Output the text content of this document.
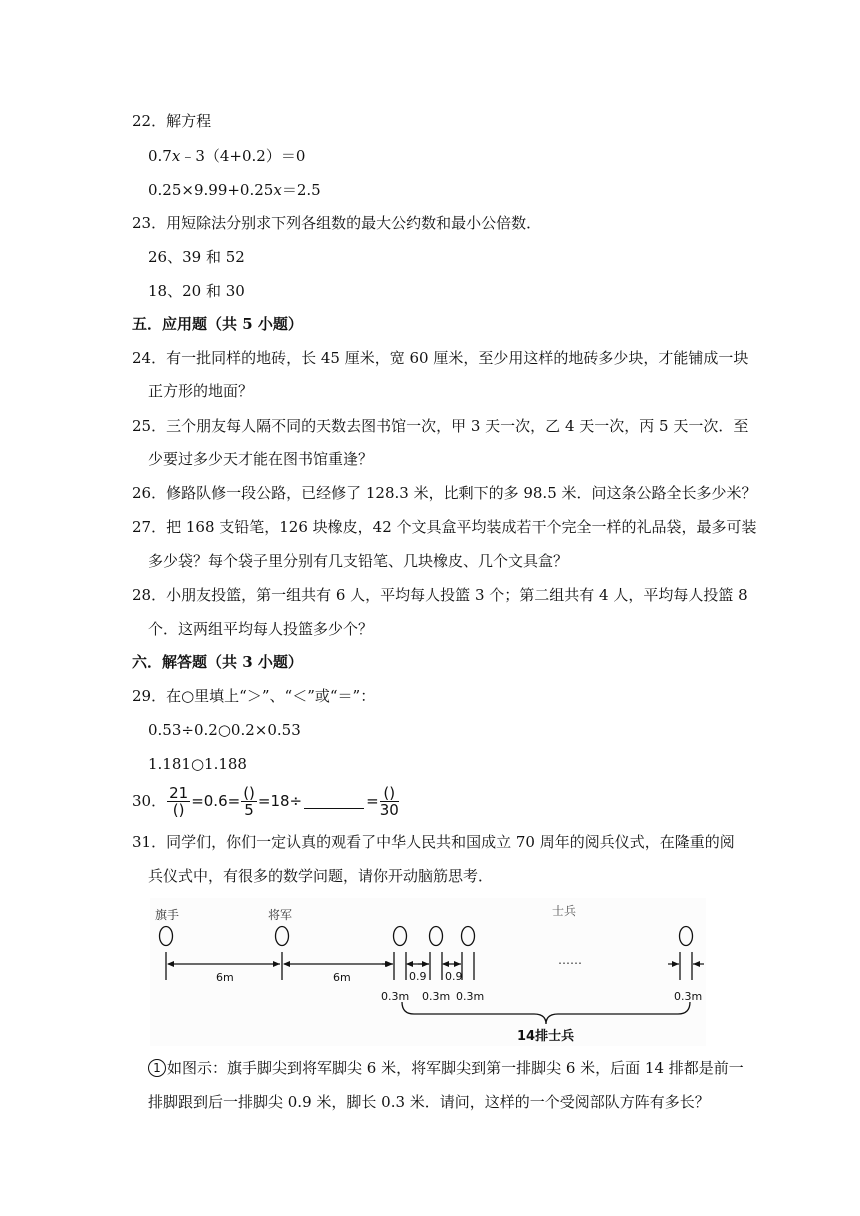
22．解方程
0.7x﹣3（4+0.2）＝0
0.25×9.99+0.25x＝2.5
23．用短除法分别求下列各组数的最大公约数和最小公倍数．
26、39 和 52
18、20 和 30
五．应用题（共 5 小题）
24．有一批同样的地砖，长 45 厘米，宽 60 厘米，至少用这样的地砖多少块，才能铺成一块
正方形的地面？
25．三个朋友每人隔不同的天数去图书馆一次，甲 3 天一次，乙 4 天一次，丙 5 天一次．至
少要过多少天才能在图书馆重逢？
26．修路队修一段公路，已经修了 128.3 米，比剩下的多 98.5 米．问这条公路全长多少米？
27．把 168 支铅笔，126 块橡皮，42 个文具盒平均装成若干个完全一样的礼品袋，最多可装
多少袋？每个袋子里分别有几支铅笔、几块橡皮、几个文具盒？
28．小朋友投篮，第一组共有 6 人，平均每人投篮 3 个；第二组共有 4 人，平均每人投篮 8
个．这两组平均每人投篮多少个？
六．解答题（共 3 小题）
29．在○里填上“＞”、“＜”或“＝”：
0.53÷0.2○0.2×0.53
1.181○1.188
30． $\frac{21}{()} =0.6= \frac{()}{5} =18\div$	= $\frac{()}{30}$
31．同学们，你们一定认真的观看了中华人民共和国成立 70 周年的阅兵仪式，在隆重的阅
兵仪式中，有很多的数学问题，请你开动脑筋思考．
旗手	将军	士兵
6m	6m	0.9 0.9
0.3m 0.3m 0.3m	0.3m
……
14排士兵
1 如图示：旗手脚尖到将军脚尖 6 米，将军脚尖到第一排脚尖 6 米，后面 14 排都是前一
排脚跟到后一排脚尖 0.9 米，脚长 0.3 米．请问，这样的一个受阅部队方阵有多长？
